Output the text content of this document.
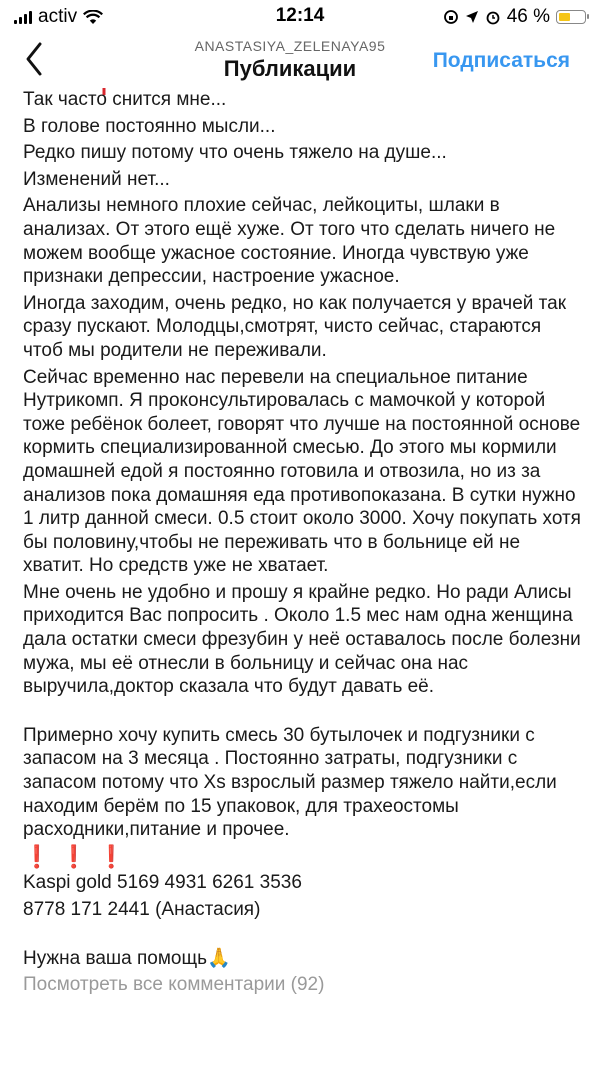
activ	12:14	46 %
ANASTASIYA_ZELENAYA95
Публикации	Подписаться

Так часто снится мне...

В голове постоянно мысли...

Редко пишу потому что очень тяжело на душе...

Изменений нет...

Анализы немного плохие сейчас, лейкоциты, шлаки в анализах. От этого ещё хуже. От того что сделать ничего не можем вообще ужасное состояние. Иногда чувствую уже признаки депрессии, настроение ужасное.

Иногда заходим, очень редко, но как получается у врачей так сразу пускают. Молодцы,смотрят, чисто сейчас, стараются чтоб мы родители не переживали.

Сейчас временно нас перевели на специальное питание Нутрикомп. Я проконсультировалась с мамочкой у которой тоже ребёнок болеет, говорят что лучше на постоянной основе кормить специализированной смесью. До этого мы кормили домашней едой я постоянно готовила и отвозила, но из за анализов пока домашняя еда противопоказана. В сутки нужно 1 литр данной смеси. 0.5 стоит около 3000. Хочу покупать хотя бы половину,чтобы не переживать что в больнице ей не хватит. Но средств уже не хватает.

Мне очень не удобно и прошу я крайне редко. Но ради Алисы приходится Вас попросить . Около 1.5 мес нам одна женщина дала остатки смеси фрезубин у неё оставалось после болезни мужа, мы её отнесли в больницу и сейчас она нас выручила,доктор сказала что будут давать её.

Примерно хочу купить смесь 30 бутылочек и подгузники с запасом на 3 месяца . Постоянно затраты, подгузники с запасом потому что Xs взрослый размер тяжело найти,если находим берём по 15 упаковок, для трахеостомы расходники,питание и прочее.

❗❗❗

Kaspi gold 5169 4931 6261 3536

8778 171 2441 (Анастасия)

Нужна ваша помощь🙏

Посмотреть все комментарии (92)
